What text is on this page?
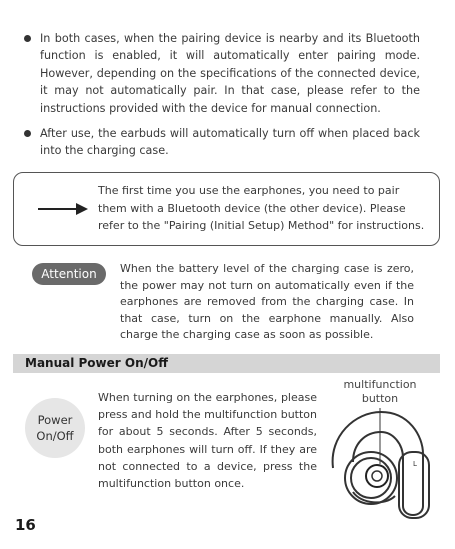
In both cases, when the pairing device is nearby and its Bluetooth function is enabled, it will automatically enter pairing mode. However, depending on the specifications of the connected device, it may not automatically pair. In that case, please refer to the instructions provided with the device for manual connection.
After use, the earbuds will automatically turn off when placed back into the charging case.
The first time you use the earphones, you need to pair them with a Bluetooth device (the other device). Please refer to the "Pairing (Initial Setup) Method" for instructions.
Attention	When the battery level of the charging case is zero, the power may not turn on automatically even if the earphones are removed from the charging case. In that case, turn on the earphone manually. Also charge the charging case as soon as possible.
Manual Power On/Off
Power
On/Off
When turning on the earphones, please press and hold the multifunction button for about 5 seconds. After 5 seconds, both earphones will turn off. If they are not connected to a device, press the multifunction button once.
multifunction
button
L
16
